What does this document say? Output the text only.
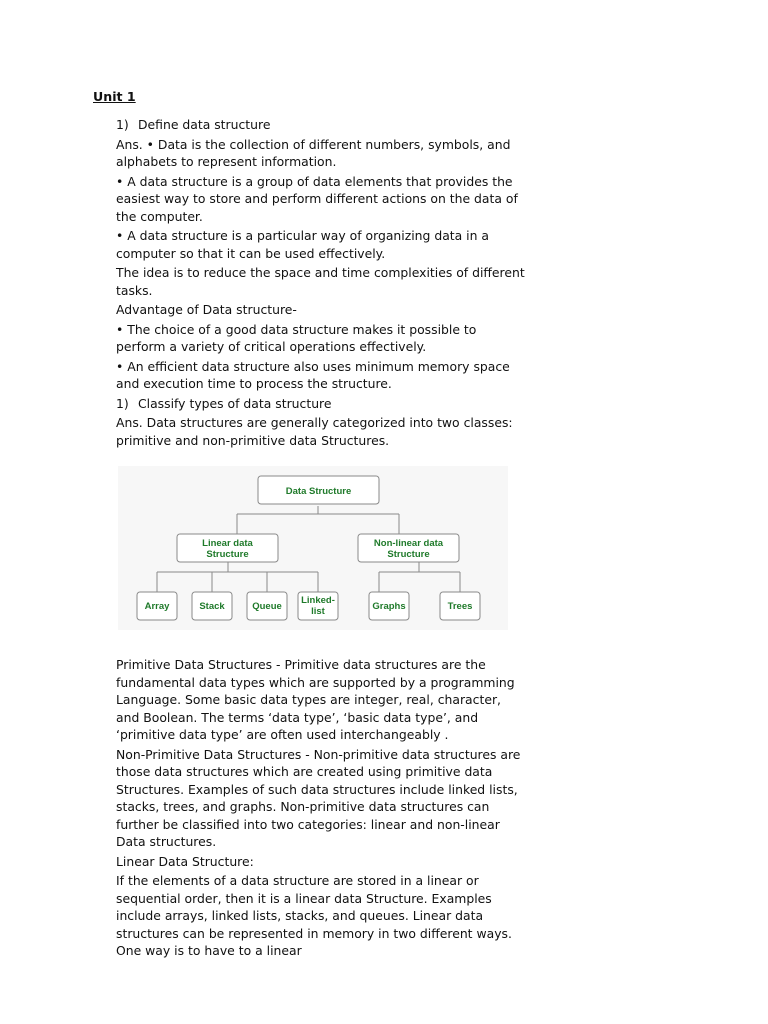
Unit 1

1) Define data structure

Ans. • Data is the collection of different numbers, symbols, and alphabets to represent information.

• A data structure is a group of data elements that provides the easiest way to store and perform different actions on the data of the computer.

• A data structure is a particular way of organizing data in a computer so that it can be used effectively.

The idea is to reduce the space and time complexities of different tasks.

Advantage of Data structure-

• The choice of a good data structure makes it possible to perform a variety of critical operations effectively.

• An efficient data structure also uses minimum memory space and execution time to process the structure.

1) Classify types of data structure

Ans. Data structures are generally categorized into two classes: primitive and non-primitive data Structures.

Data Structure
Linear data
Structure
Non-linear data
Structure
Array	Stack	Queue
Linked-
list	Graphs	Trees

Primitive Data Structures - Primitive data structures are the fundamental data types which are supported by a programming Language. Some basic data types are integer, real, character, and Boolean. The terms ‘data type’, ‘basic data type’, and ‘primitive data type’ are often used interchangeably .

Non-Primitive Data Structures - Non-primitive data structures are those data structures which are created using primitive data Structures. Examples of such data structures include linked lists, stacks, trees, and graphs. Non-primitive data structures can further be classified into two categories: linear and non-linear Data structures.

Linear Data Structure:

If the elements of a data structure are stored in a linear or sequential order, then it is a linear data Structure. Examples include arrays, linked lists, stacks, and queues. Linear data structures can be represented in memory in two different ways. One way is to have to a linear
